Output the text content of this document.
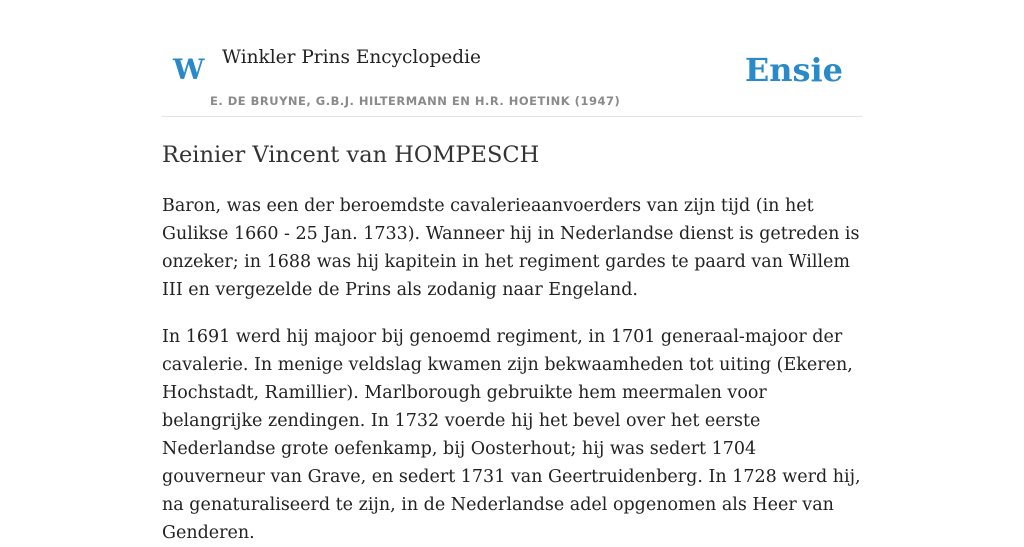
W Winkler Prins Encyclopedie
E. DE BRUYNE, G.B.J. HILTERMANN EN H.R. HOETINK (1947)
Ensie
Reinier Vincent van HOMPESCH

Baron, was een der beroemdste cavalerieaanvoerders van zijn tijd (in het Gulikse 1660 - 25 Jan. 1733). Wanneer hij in Nederlandse dienst is getreden is onzeker; in 1688 was hij kapitein in het regiment gardes te paard van Willem III en vergezelde de Prins als zodanig naar Engeland.

In 1691 werd hij majoor bij genoemd regiment, in 1701 generaal-majoor der cavalerie. In menige veldslag kwamen zijn bekwaamheden tot uiting (Ekeren, Hochstadt, Ramillier). Marlborough gebruikte hem meermalen voor belangrijke zendingen. In 1732 voerde hij het bevel over het eerste Nederlandse grote oefenkamp, bij Oosterhout; hij was sedert 1704 gouverneur van Grave, en sedert 1731 van Geertruidenberg. In 1728 werd hij, na genaturaliseerd te zijn, in de Nederlandse adel opgenomen als Heer van Genderen.
